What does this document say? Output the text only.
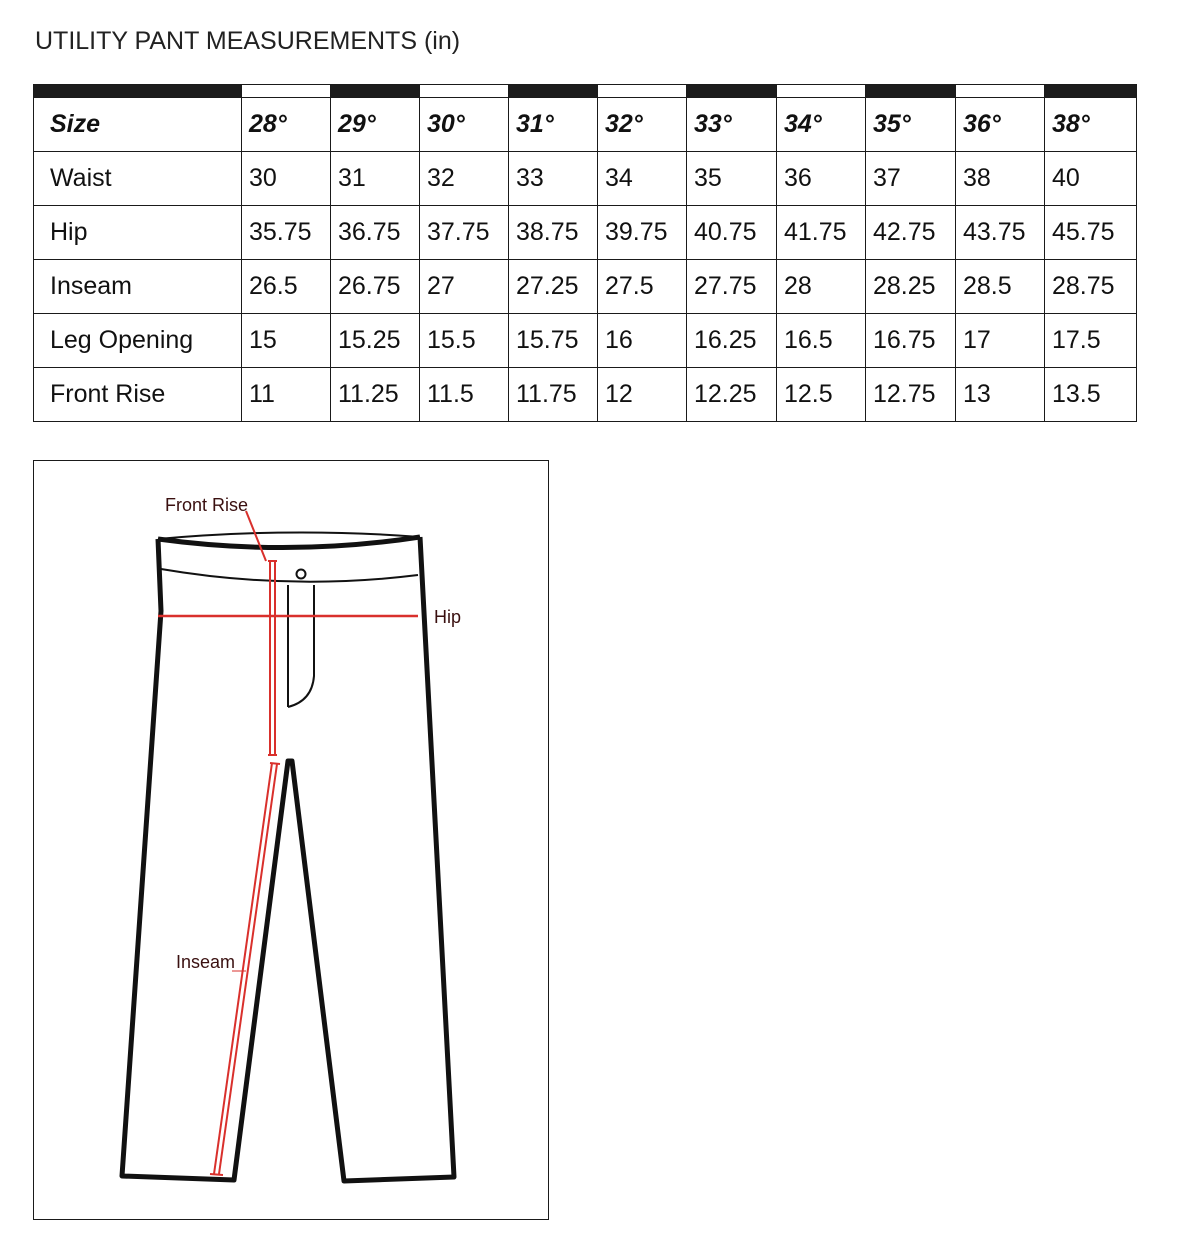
UTILITY PANT MEASUREMENTS (in)

Size	28°	29°	30°	31°	32°	33°	34°	35°	36°	38°
Waist	30	31	32	33	34	35	36	37	38	40
Hip	35.75	36.75	37.75	38.75	39.75	40.75	41.75	42.75	43.75	45.75
Inseam	26.5	26.75	27	27.25	27.5	27.75	28	28.25	28.5	28.75
Leg Opening	15	15.25	15.5	15.75	16	16.25	16.5	16.75	17	17.5
Front Rise	11	11.25	11.5	11.75	12	12.25	12.5	12.75	13	13.5
Front Rise
Hip
Inseam
